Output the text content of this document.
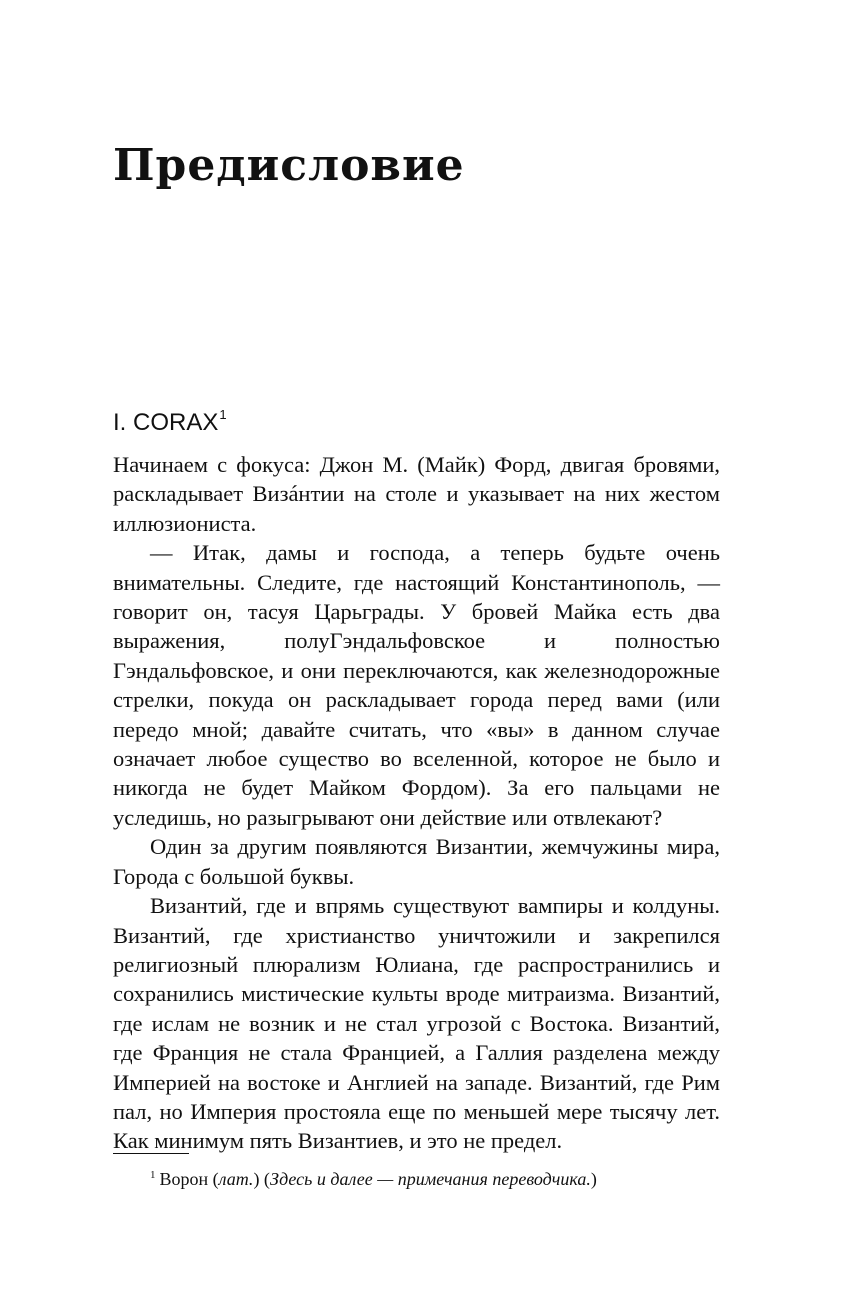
Предисловие
I. CORAX$^1$

Начинаем с фокуса: Джон М. (Майк) Форд, двигая бровями, раскладывает Визáнтии на столе и указывает на них жестом иллюзиониста.

— Итак, дамы и господа, а теперь будьте очень внимательны. Следите, где настоящий Константинополь, — говорит он, тасуя Царьграды. У бровей Майка есть два выражения, полуГэндальфовское и полностью Гэндальфовское, и они переключаются, как железнодорожные стрелки, покуда он раскладывает города перед вами (или передо мной; давайте считать, что «вы» в данном случае означает любое существо во вселенной, которое не было и никогда не будет Майком Фордом). За его пальцами не уследишь, но разыгрывают они действие или отвлекают?

Один за другим появляются Византии, жемчужины мира, Города с большой буквы.

Византий, где и впрямь существуют вампиры и колдуны. Византий, где христианство уничтожили и закрепился религиозный плюрализм Юлиана, где распространились и сохранились мистические культы вроде митраизма. Византий, где ислам не возник и не стал угрозой с Востока. Византий, где Франция не стала Францией, а Галлия разделена между Империей на востоке и Англией на западе. Византий, где Рим пал, но Империя простояла еще по меньшей мере тысячу лет. Как минимум пять Византиев, и это не предел.

$^1$ Ворон (лат.) (Здесь и далее — примечания переводчика.)
